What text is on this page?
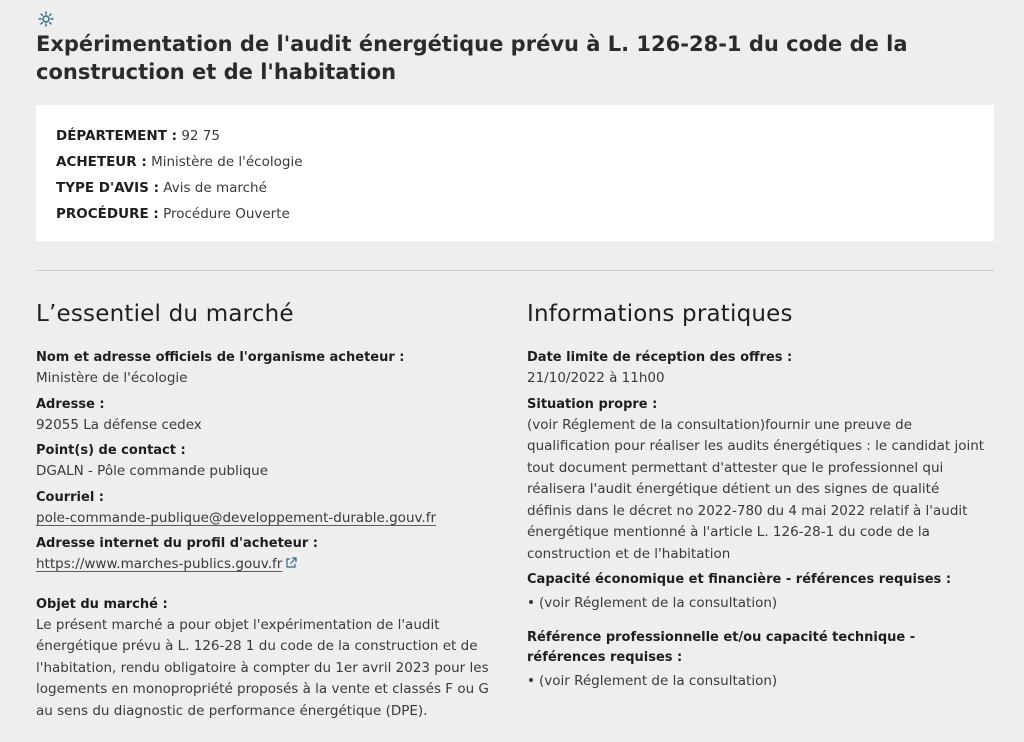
Expérimentation de l'audit énergétique prévu à L. 126-28-1 du code de la construction et de l'habitation
DÉPARTEMENT : 92 75
ACHETEUR : Ministère de l'écologie
TYPE D'AVIS : Avis de marché
PROCÉDURE : Procédure Ouverte
L’essentiel du marché
Nom et adresse officiels de l'organisme acheteur :
Ministère de l'écologie
Adresse :
92055 La défense cedex
Point(s) de contact :
DGALN - Pôle commande publique
Courriel :
pole-commande-publique@developpement-durable.gouv.fr
Adresse internet du profil d'acheteur :
https://www.marches-publics.gouv.fr
Objet du marché :
Le présent marché a pour objet l'expérimentation de l'audit énergétique prévu à L. 126-28 1 du code de la construction et de l'habitation, rendu obligatoire à compter du 1er avril 2023 pour les logements en monopropriété proposés à la vente et classés F ou G au sens du diagnostic de performance énergétique (DPE).
Informations pratiques
Date limite de réception des offres :
21/10/2022 à 11h00
Situation propre :
(voir Réglement de la consultation)fournir une preuve de qualification pour réaliser les audits énergétiques : le candidat joint tout document permettant d'attester que le professionnel qui réalisera l'audit énergétique détient un des signes de qualité définis dans le décret no 2022-780 du 4 mai 2022 relatif à l'audit énergétique mentionné à l'article L. 126-28-1 du code de la construction et de l'habitation
Capacité économique et financière - références requises :
(voir Réglement de la consultation)
Référence professionnelle et/ou capacité technique - références requises :
(voir Réglement de la consultation)
